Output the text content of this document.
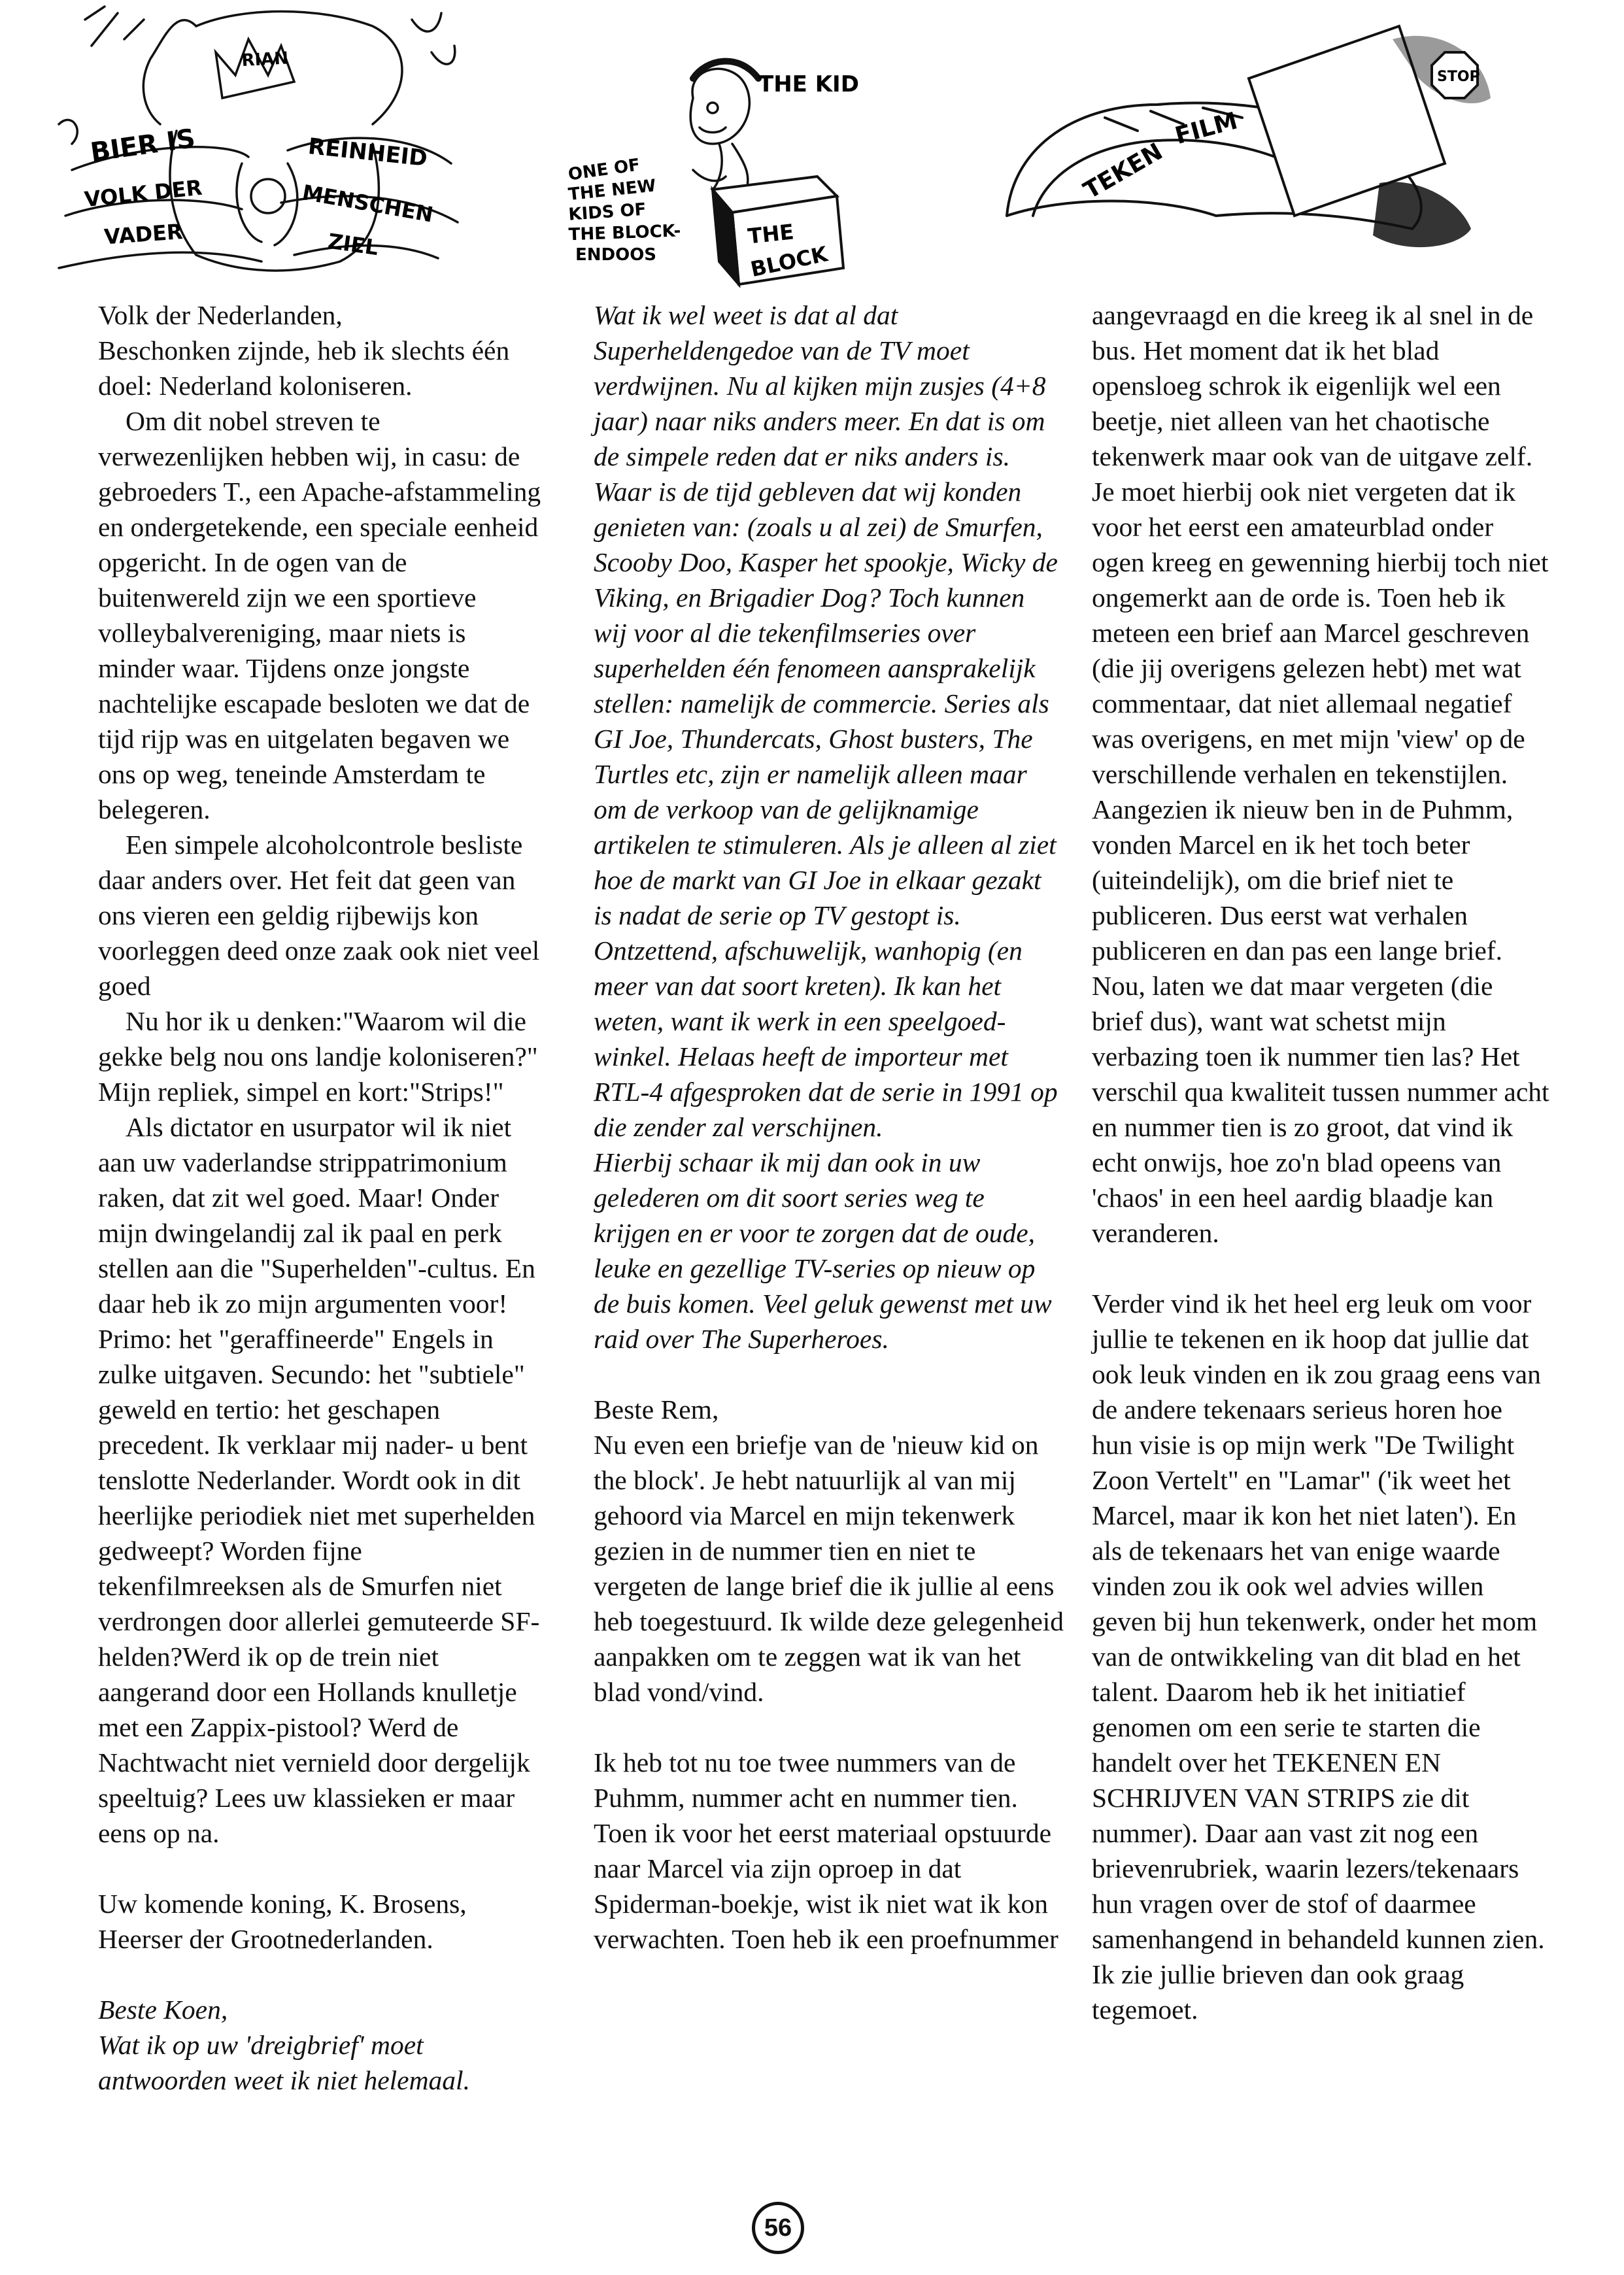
RIAN
BIER IS
VOLK DER
VADER
REINHEID
MENSCHEN
ZIEL
THE KID
ONE OF
THE NEW
KIDS OF
THE BLOCK-
ENDOOS
THE
BLOCK
TEKEN
FILM
STOP

Volk der Nederlanden,
Beschonken zijnde, heb ik slechts één doel: Nederland koloniseren.

Om dit nobel streven te verwezenlijken hebben wij, in casu: de gebroeders T., een Apache-afstammeling en ondergetekende, een speciale eenheid opgericht. In de ogen van de buitenwereld zijn we een sportieve volleybalvereniging, maar niets is minder waar. Tijdens onze jongste nachtelijke escapade besloten we dat de tijd rijp was en uitgelaten begaven we ons op weg, teneinde Amsterdam te belegeren.

Een simpele alcoholcontrole besliste daar anders over. Het feit dat geen van ons vieren een geldig rijbewijs kon voorleggen deed onze zaak ook niet veel goed

Nu hor ik u denken:"Waarom wil die gekke belg nou ons landje koloniseren?" Mijn repliek, simpel en kort:"Strips!"

Als dictator en usurpator wil ik niet aan uw vaderlandse strippatrimonium raken, dat zit wel goed. Maar! Onder mijn dwingelandij zal ik paal en perk stellen aan die "Superhelden"-cultus. En daar heb ik zo mijn argumenten voor! Primo: het "geraffineerde" Engels in zulke uitgaven. Secundo: het "subtiele" geweld en tertio: het geschapen precedent. Ik verklaar mij nader- u bent tenslotte Nederlander. Wordt ook in dit heerlijke periodiek niet met superhelden gedweept? Worden fijne tekenfilmreeksen als de Smurfen niet verdrongen door allerlei gemuteerde SF-helden?Werd ik op de trein niet aangerand door een Hollands knulletje met een Zappix-pistool? Werd de Nachtwacht niet vernield door dergelijk speeltuig? Lees uw klassieken er maar eens op na.

Uw komende koning, K. Brosens,
Heerser der Grootnederlanden.

Beste Koen,
Wat ik op uw 'dreigbrief' moet antwoorden weet ik niet helemaal.

Wat ik wel weet is dat al dat Superheldengedoe van de TV moet verdwijnen. Nu al kijken mijn zusjes (4+8 jaar) naar niks anders meer. En dat is om de simpele reden dat er niks anders is. Waar is de tijd gebleven dat wij konden genieten van: (zoals u al zei) de Smurfen, Scooby Doo, Kasper het spookje, Wicky de Viking, en Brigadier Dog? Toch kunnen wij voor al die tekenfilmseries over superhelden één fenomeen aansprakelijk stellen: namelijk de commercie. Series als GI Joe, Thundercats, Ghost busters, The Turtles etc, zijn er namelijk alleen maar om de verkoop van de gelijknamige artikelen te stimuleren. Als je alleen al ziet hoe de markt van GI Joe in elkaar gezakt is nadat de serie op TV gestopt is. Ontzettend, afschuwelijk, wanhopig (en meer van dat soort kreten). Ik kan het weten, want ik werk in een speelgoed-winkel. Helaas heeft de importeur met RTL-4 afgesproken dat de serie in 1991 op die zender zal verschijnen.
Hierbij schaar ik mij dan ook in uw gelederen om dit soort series weg te krijgen en er voor te zorgen dat de oude, leuke en gezellige TV-series op nieuw op de buis komen. Veel geluk gewenst met uw raid over The Superheroes.

Beste Rem,

Nu even een briefje van de 'nieuw kid on the block'. Je hebt natuurlijk al van mij gehoord via Marcel en mijn tekenwerk gezien in de nummer tien en niet te vergeten de lange brief die ik jullie al eens heb toegestuurd. Ik wilde deze gelegenheid aanpakken om te zeggen wat ik van het blad vond/vind.

Ik heb tot nu toe twee nummers van de Puhmm, nummer acht en nummer tien. Toen ik voor het eerst materiaal opstuurde naar Marcel via zijn oproep in dat Spiderman-boekje, wist ik niet wat ik kon verwachten. Toen heb ik een proefnummer

aangevraagd en die kreeg ik al snel in de bus. Het moment dat ik het blad opensloeg schrok ik eigenlijk wel een beetje, niet alleen van het chaotische tekenwerk maar ook van de uitgave zelf. Je moet hierbij ook niet vergeten dat ik voor het eerst een amateurblad onder ogen kreeg en gewenning hierbij toch niet ongemerkt aan de orde is. Toen heb ik meteen een brief aan Marcel geschreven (die jij overigens gelezen hebt) met wat commentaar, dat niet allemaal negatief was overigens, en met mijn 'view' op de verschillende verhalen en tekenstijlen. Aangezien ik nieuw ben in de Puhmm, vonden Marcel en ik het toch beter (uiteindelijk), om die brief niet te publiceren. Dus eerst wat verhalen publiceren en dan pas een lange brief. Nou, laten we dat maar vergeten (die brief dus), want wat schetst mijn verbazing toen ik nummer tien las? Het verschil qua kwaliteit tussen nummer acht en nummer tien is zo groot, dat vind ik echt onwijs, hoe zo'n blad opeens van 'chaos' in een heel aardig blaadje kan veranderen.

Verder vind ik het heel erg leuk om voor jullie te tekenen en ik hoop dat jullie dat ook leuk vinden en ik zou graag eens van de andere tekenaars serieus horen hoe hun visie is op mijn werk "De Twilight Zoon Vertelt" en "Lamar" ('ik weet het Marcel, maar ik kon het niet laten'). En als de tekenaars het van enige waarde vinden zou ik ook wel advies willen geven bij hun tekenwerk, onder het mom van de ontwikkeling van dit blad en het talent. Daarom heb ik het initiatief genomen om een serie te starten die handelt over het TEKENEN EN SCHRIJVEN VAN STRIPS zie dit nummer). Daar aan vast zit nog een brievenrubriek, waarin lezers/tekenaars hun vragen over de stof of daarmee samenhangend in behandeld kunnen zien. Ik zie jullie brieven dan ook graag tegemoet.

56
